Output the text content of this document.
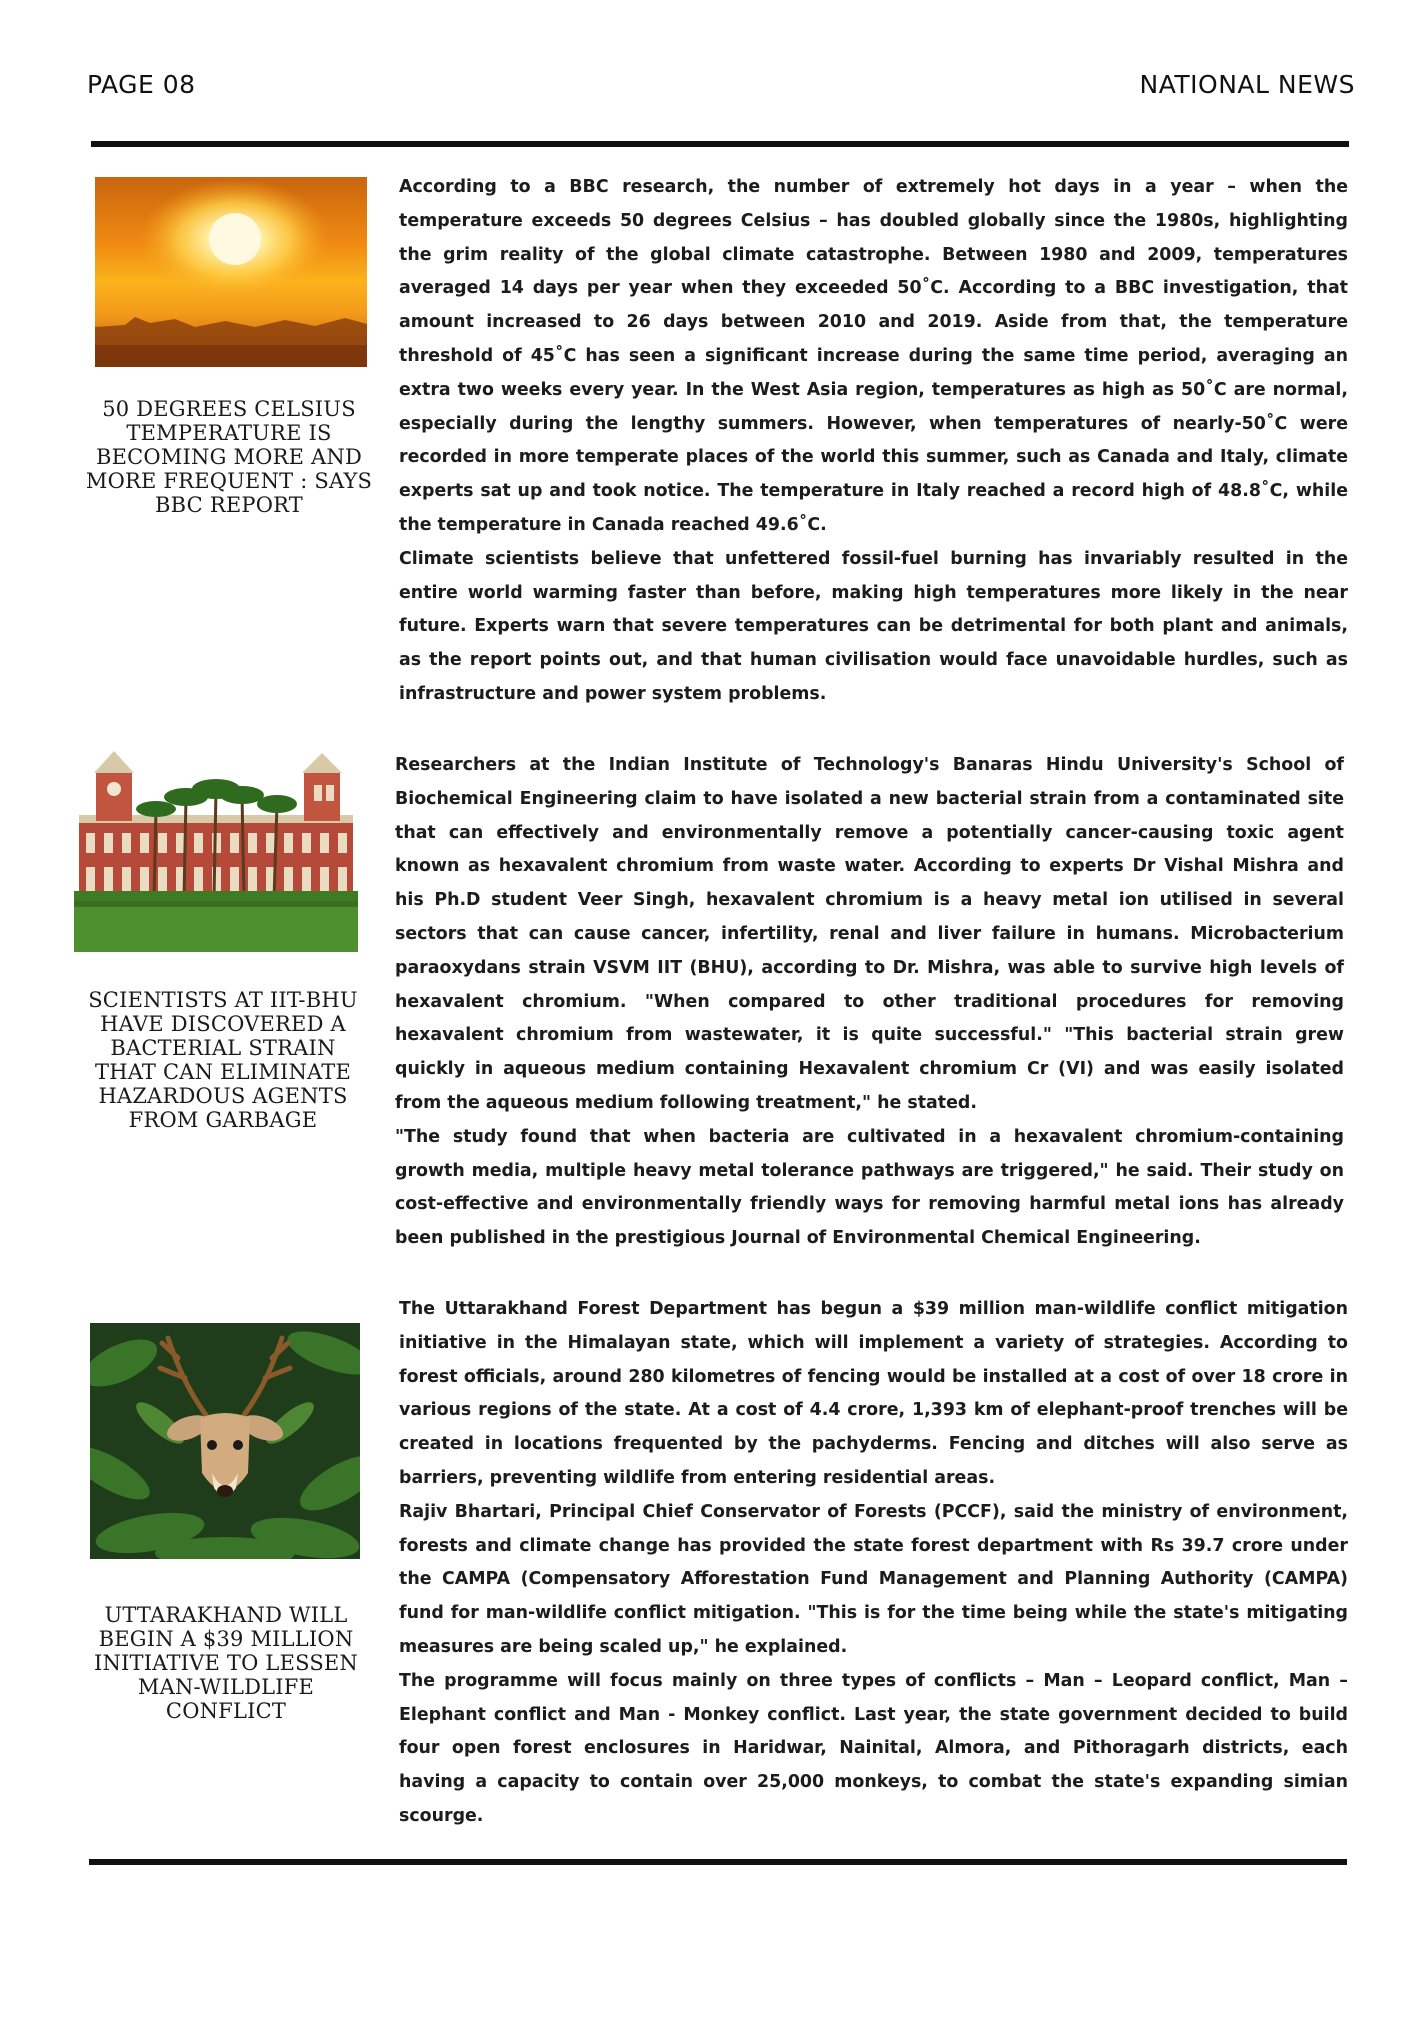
PAGE 08	NATIONAL NEWS
50 DEGREES CELSIUS TEMPERATURE IS BECOMING MORE AND MORE FREQUENT : SAYS BBC REPORT

According to a BBC research, the number of extremely hot days in a year – when the temperature exceeds 50 degrees Celsius – has doubled globally since the 1980s, highlighting the grim reality of the global climate catastrophe. Between 1980 and 2009, temperatures averaged 14 days per year when they exceeded 50˚C. According to a BBC investigation, that amount increased to 26 days between 2010 and 2019. Aside from that, the temperature threshold of 45˚C has seen a significant increase during the same time period, averaging an extra two weeks every year. In the West Asia region, temperatures as high as 50˚C are normal, especially during the lengthy summers. However, when temperatures of nearly-50˚C were recorded in more temperate places of the world this summer, such as Canada and Italy, climate experts sat up and took notice. The temperature in Italy reached a record high of 48.8˚C, while the temperature in Canada reached 49.6˚C.

Climate scientists believe that unfettered fossil-fuel burning has invariably resulted in the entire world warming faster than before, making high temperatures more likely in the near future. Experts warn that severe temperatures can be detrimental for both plant and animals, as the report points out, and that human civilisation would face unavoidable hurdles, such as infrastructure and power system problems.

SCIENTISTS AT IIT-BHU HAVE DISCOVERED A BACTERIAL STRAIN THAT CAN ELIMINATE HAZARDOUS AGENTS FROM GARBAGE

Researchers at the Indian Institute of Technology's Banaras Hindu University's School of Biochemical Engineering claim to have isolated a new bacterial strain from a contaminated site that can effectively and environmentally remove a potentially cancer-causing toxic agent known as hexavalent chromium from waste water. According to experts Dr Vishal Mishra and his Ph.D student Veer Singh, hexavalent chromium is a heavy metal ion utilised in several sectors that can cause cancer, infertility, renal and liver failure in humans. Microbacterium paraoxydans strain VSVM IIT (BHU), according to Dr. Mishra, was able to survive high levels of hexavalent chromium. "When compared to other traditional procedures for removing hexavalent chromium from wastewater, it is quite successful." "This bacterial strain grew quickly in aqueous medium containing Hexavalent chromium Cr (VI) and was easily isolated from the aqueous medium following treatment," he stated.

"The study found that when bacteria are cultivated in a hexavalent chromium-containing growth media, multiple heavy metal tolerance pathways are triggered," he said. Their study on cost-effective and environmentally friendly ways for removing harmful metal ions has already been published in the prestigious Journal of Environmental Chemical Engineering.

UTTARAKHAND WILL BEGIN A $39 MILLION INITIATIVE TO LESSEN MAN-WILDLIFE CONFLICT

The Uttarakhand Forest Department has begun a $39 million man-wildlife conflict mitigation initiative in the Himalayan state, which will implement a variety of strategies. According to forest officials, around 280 kilometres of fencing would be installed at a cost of over 18 crore in various regions of the state. At a cost of 4.4 crore, 1,393 km of elephant-proof trenches will be created in locations frequented by the pachyderms. Fencing and ditches will also serve as barriers, preventing wildlife from entering residential areas.

Rajiv Bhartari, Principal Chief Conservator of Forests (PCCF), said the ministry of environment, forests and climate change has provided the state forest department with Rs 39.7 crore under the CAMPA (Compensatory Afforestation Fund Management and Planning Authority (CAMPA) fund for man-wildlife conflict mitigation. "This is for the time being while the state's mitigating measures are being scaled up," he explained.

The programme will focus mainly on three types of conflicts – Man – Leopard conflict, Man – Elephant conflict and Man - Monkey conflict. Last year, the state government decided to build four open forest enclosures in Haridwar, Nainital, Almora, and Pithoragarh districts, each having a capacity to contain over 25,000 monkeys, to combat the state's expanding simian scourge.
